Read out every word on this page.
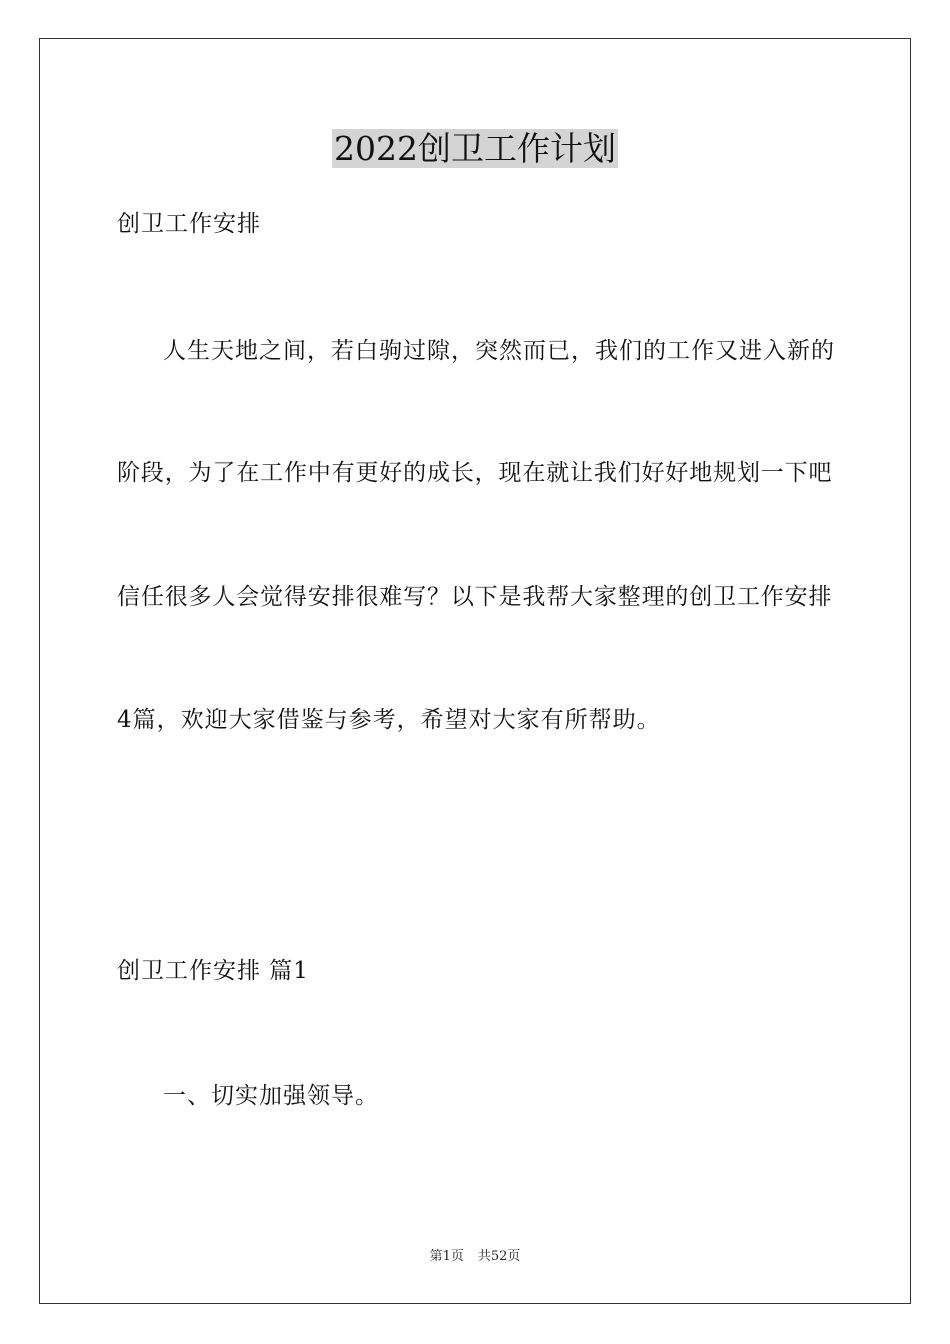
2022创卫工作计划
创卫工作安排
人生天地之间，若白驹过隙，突然而已，我们的工作又进入新的
阶段，为了在工作中有更好的成长，现在就让我们好好地规划一下吧
信任很多人会觉得安排很难写？以下是我帮大家整理的创卫工作安排
4篇，欢迎大家借鉴与参考，希望对大家有所帮助。
创卫工作安排 篇1
一、切实加强领导。
第1页 共52页
